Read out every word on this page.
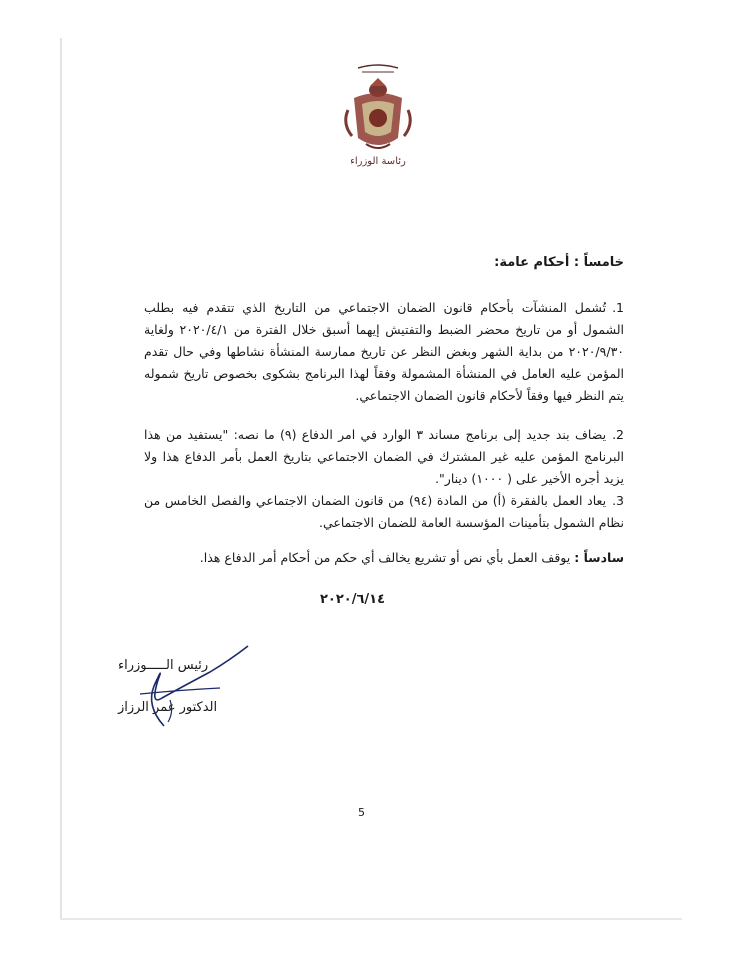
رئاسة الوزراء
خامساً : أحكام عامة:
1.تُشمل المنشآت بأحكام قانون الضمان الاجتماعي من التاريخ الذي تتقدم فيه بطلب الشمول أو من تاريخ محضر الضبط والتفتيش إيهما أسبق خلال الفترة من ٢٠٢٠/٤/١ ولغاية ٢٠٢٠/٩/٣٠ من بداية الشهر وبغض النظر عن تاريخ ممارسة المنشأة نشاطها وفي حال تقدم المؤمن عليه العامل في المنشأة المشمولة وفقاً لهذا البرنامج بشكوى بخصوص تاريخ شموله يتم النظر فيها وفقاً لأحكام قانون الضمان الاجتماعي.
2.يضاف بند جديد إلى برنامج مساند ٣ الوارد في امر الدفاع (٩) ما نصه: "يستفيد من هذا البرنامج المؤمن عليه غير المشترك في الضمان الاجتماعي بتاريخ العمل بأمر الدفاع هذا ولا يزيد أجره الأخير على ( ١٠٠٠) دينار".
3.يعاد العمل بالفقرة (أ) من المادة (٩٤) من قانون الضمان الاجتماعي والفصل الخامس من نظام الشمول بتأمينات المؤسسة العامة للضمان الاجتماعي.
سادساً :يوقف العمل بأي نص أو تشريع يخالف أي حكم من أحكام أمر الدفاع هذا.
٢٠٢٠/٦/١٤
رئيس الـــــوزراء
الدكتور عمر الرزاز
5
